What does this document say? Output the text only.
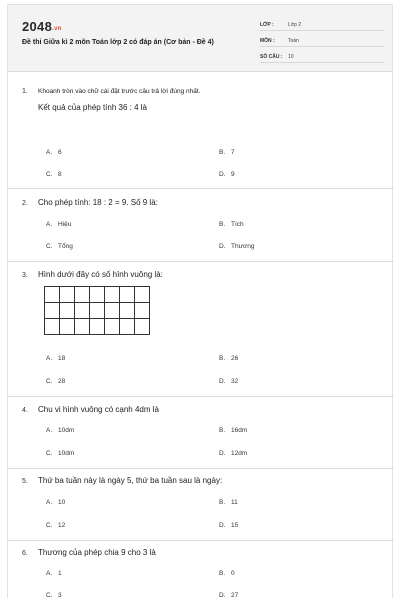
2048.vn
Đề thi Giữa kì 2 môn Toán lớp 2 có đáp án (Cơ bản - Đề 4)
LỚP :	Lớp 2
MÔN :	Toán
SỐ CÂU :	10
1.	Khoanh tròn vào chữ cái đặt trước câu trả lời đúng nhất.
Kết quả của phép tính 36 : 4 là
A. 6	B. 7
C. 8	D. 9
2.	Cho phép tính: 18 : 2 = 9. Số 9 là:
A. Hiệu	B. Tích
C. Tổng	D. Thương
3.	Hình dưới đây có số hình vuông là:

A. 18	B. 26
C. 28	D. 32
4.	Chu vi hình vuông có cạnh 4dm là
A. 10dm	B. 16dm
C. 10dm	D. 12dm
5.	Thứ ba tuần này là ngày 5, thứ ba tuần sau là ngày:
A. 10	B. 11
C. 12	D. 15
6.	Thương của phép chia 9 cho 3 là
A. 1	B. 0
C. 3	D. 27
